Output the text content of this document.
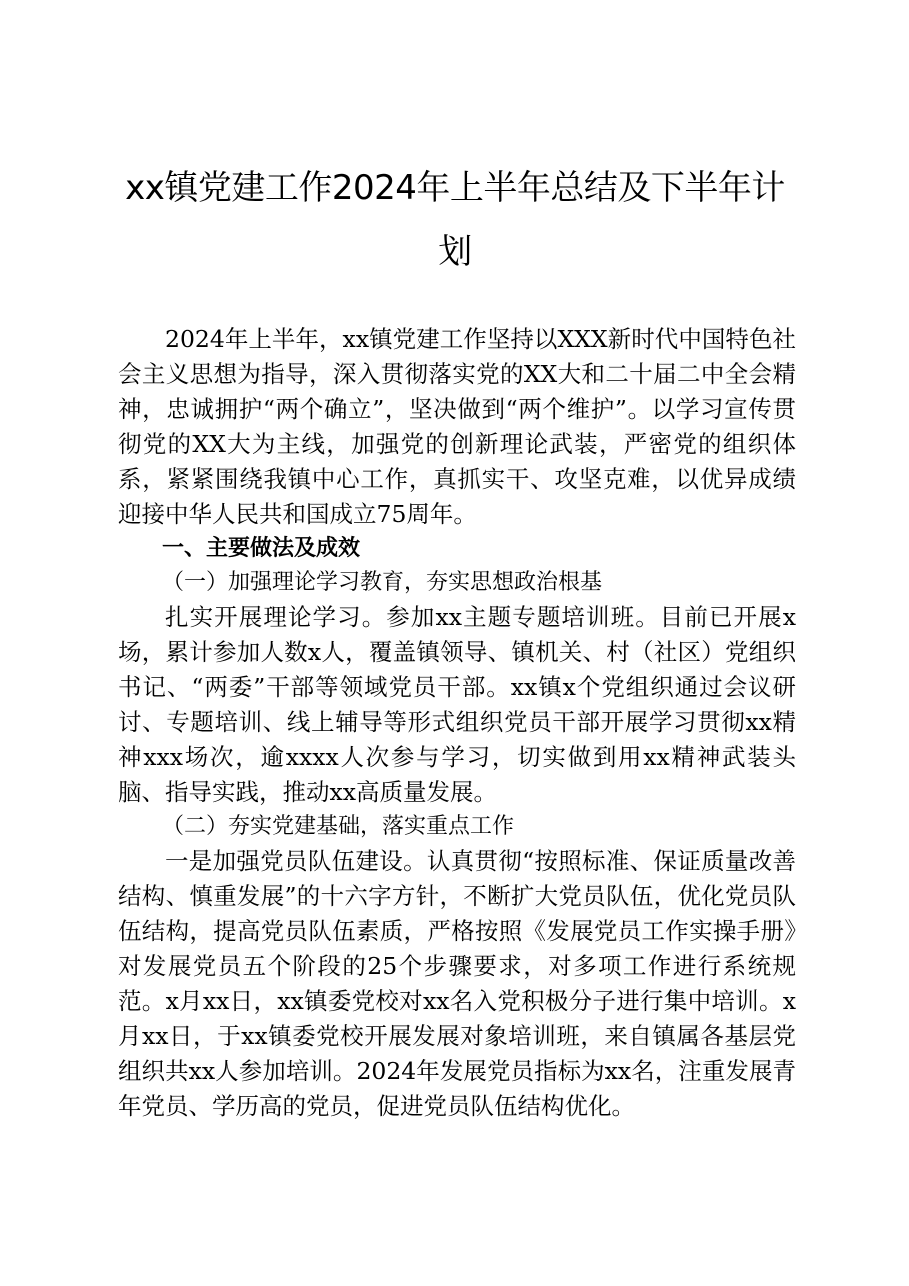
xx镇党建工作2024年上半年总结及下半年计
划

2024年上半年，xx镇党建工作坚持以XXX新时代中国特色社会主义思想为指导，深入贯彻落实党的XX大和二十届二中全会精神，忠诚拥护“两个确立”，坚决做到“两个维护”。以学习宣传贯彻党的XX大为主线，加强党的创新理论武装，严密党的组织体系，紧紧围绕我镇中心工作，真抓实干、攻坚克难，以优异成绩迎接中华人民共和国成立75周年。

一、主要做法及成效

（一）加强理论学习教育，夯实思想政治根基

扎实开展理论学习。参加xx主题专题培训班。目前已开展x场，累计参加人数x人，覆盖镇领导、镇机关、村（社区）党组织书记、“两委”干部等领域党员干部。xx镇x个党组织通过会议研讨、专题培训、线上辅导等形式组织党员干部开展学习贯彻xx精神xxx场次，逾xxxx人次参与学习，切实做到用xx精神武装头脑、指导实践，推动xx高质量发展。

（二）夯实党建基础，落实重点工作

一是加强党员队伍建设。认真贯彻“按照标准、保证质量改善结构、慎重发展”的十六字方针，不断扩大党员队伍，优化党员队伍结构，提高党员队伍素质，严格按照《发展党员工作实操手册》对发展党员五个阶段的25个步骤要求，对多项工作进行系统规范。x月xx日，xx镇委党校对xx名入党积极分子进行集中培训。x月xx日，于xx镇委党校开展发展对象培训班，来自镇属各基层党组织共xx人参加培训。2024年发展党员指标为xx名，注重发展青年党员、学历高的党员，促进党员队伍结构优化。
